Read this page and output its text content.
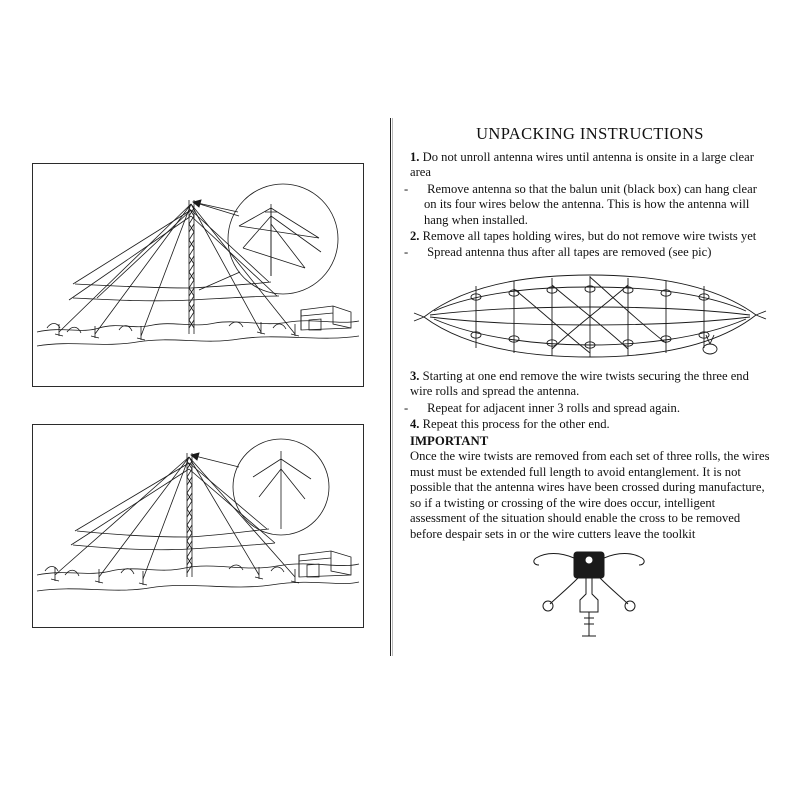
UNPACKING INSTRUCTIONS

1. Do not unroll antenna wires until antenna is onsite in a large clear area

- Remove antenna so that the balun unit (black box) can hang clear on its four wires below the antenna. This is how the antenna will hang when installed.

2. Remove all tapes holding wires, but do not remove wire twists yet

- Spread antenna thus after all tapes are removed (see pic)

3. Starting at one end remove the wire twists securing the three end wire rolls and spread the antenna.

- Repeat for adjacent inner 3 rolls and spread again.

4. Repeat this process for the other end.

IMPORTANT

Once the wire twists are removed from each set of three rolls, the wires must must be extended full length to avoid entanglement. It is not possible that the antenna wires have been crossed during manufacture, so if a twisting or crossing of the wire does occur, intelligent assessment of the situation should enable the cross to be removed before despair sets in or the wire cutters leave the toolkit
